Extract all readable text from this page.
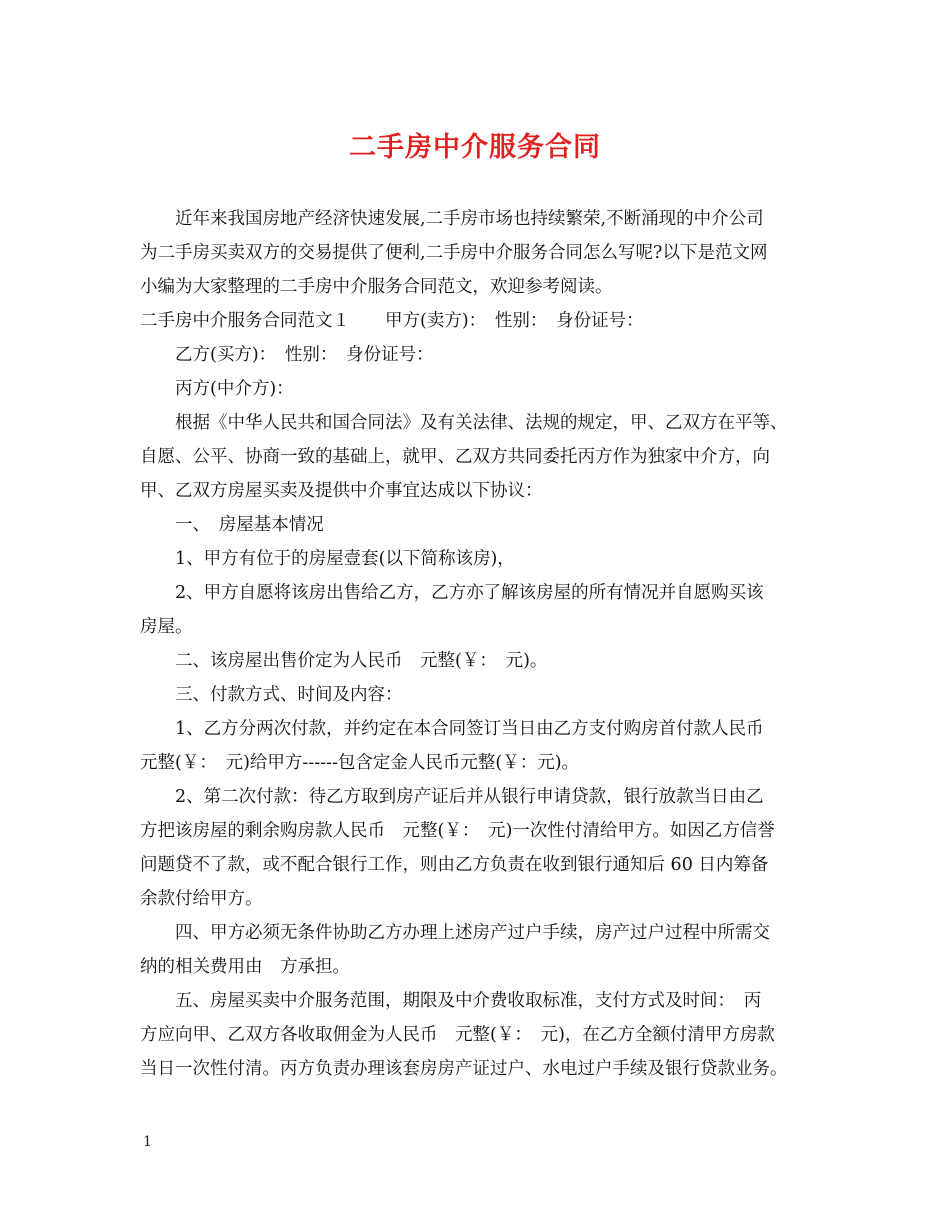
二手房中介服务合同
近年来我国房地产经济快速发展,二手房市场也持续繁荣,不断涌现的中介公司
为二手房买卖双方的交易提供了便利,二手房中介服务合同怎么写呢?以下是范文网
小编为大家整理的二手房中介服务合同范文，欢迎参考阅读。
二手房中介服务合同范文１　　甲方(卖方)：　性别：　身份证号：
乙方(买方)：　性别：　身份证号：
丙方(中介方)：
根据《中华人民共和国合同法》及有关法律、法规的规定，甲、乙双方在平等、
自愿、公平、协商一致的基础上，就甲、乙双方共同委托丙方作为独家中介方，向
甲、乙双方房屋买卖及提供中介事宜达成以下协议：
一、　房屋基本情况
1、甲方有位于的房屋壹套(以下简称该房)，
2、甲方自愿将该房出售给乙方，乙方亦了解该房屋的所有情况并自愿购买该
房屋。
二、该房屋出售价定为人民币　元整(￥：　元)。
三、付款方式、时间及内容：
1、乙方分两次付款，并约定在本合同签订当日由乙方支付购房首付款人民币
元整(￥：　元)给甲方------包含定金人民币元整(￥：元)。
2、第二次付款：待乙方取到房产证后并从银行申请贷款，银行放款当日由乙
方把该房屋的剩余购房款人民币　元整(￥：　元)一次性付清给甲方。如因乙方信誉
问题贷不了款，或不配合银行工作，则由乙方负责在收到银行通知后 60 日内筹备
余款付给甲方。
四、甲方必须无条件协助乙方办理上述房产过户手续，房产过户过程中所需交
纳的相关费用由　方承担。
五、房屋买卖中介服务范围，期限及中介费收取标准，支付方式及时间：　丙
方应向甲、乙双方各收取佣金为人民币　元整(￥：　元)，在乙方全额付清甲方房款
当日一次性付清。丙方负责办理该套房房产证过户、水电过户手续及银行贷款业务。
1
